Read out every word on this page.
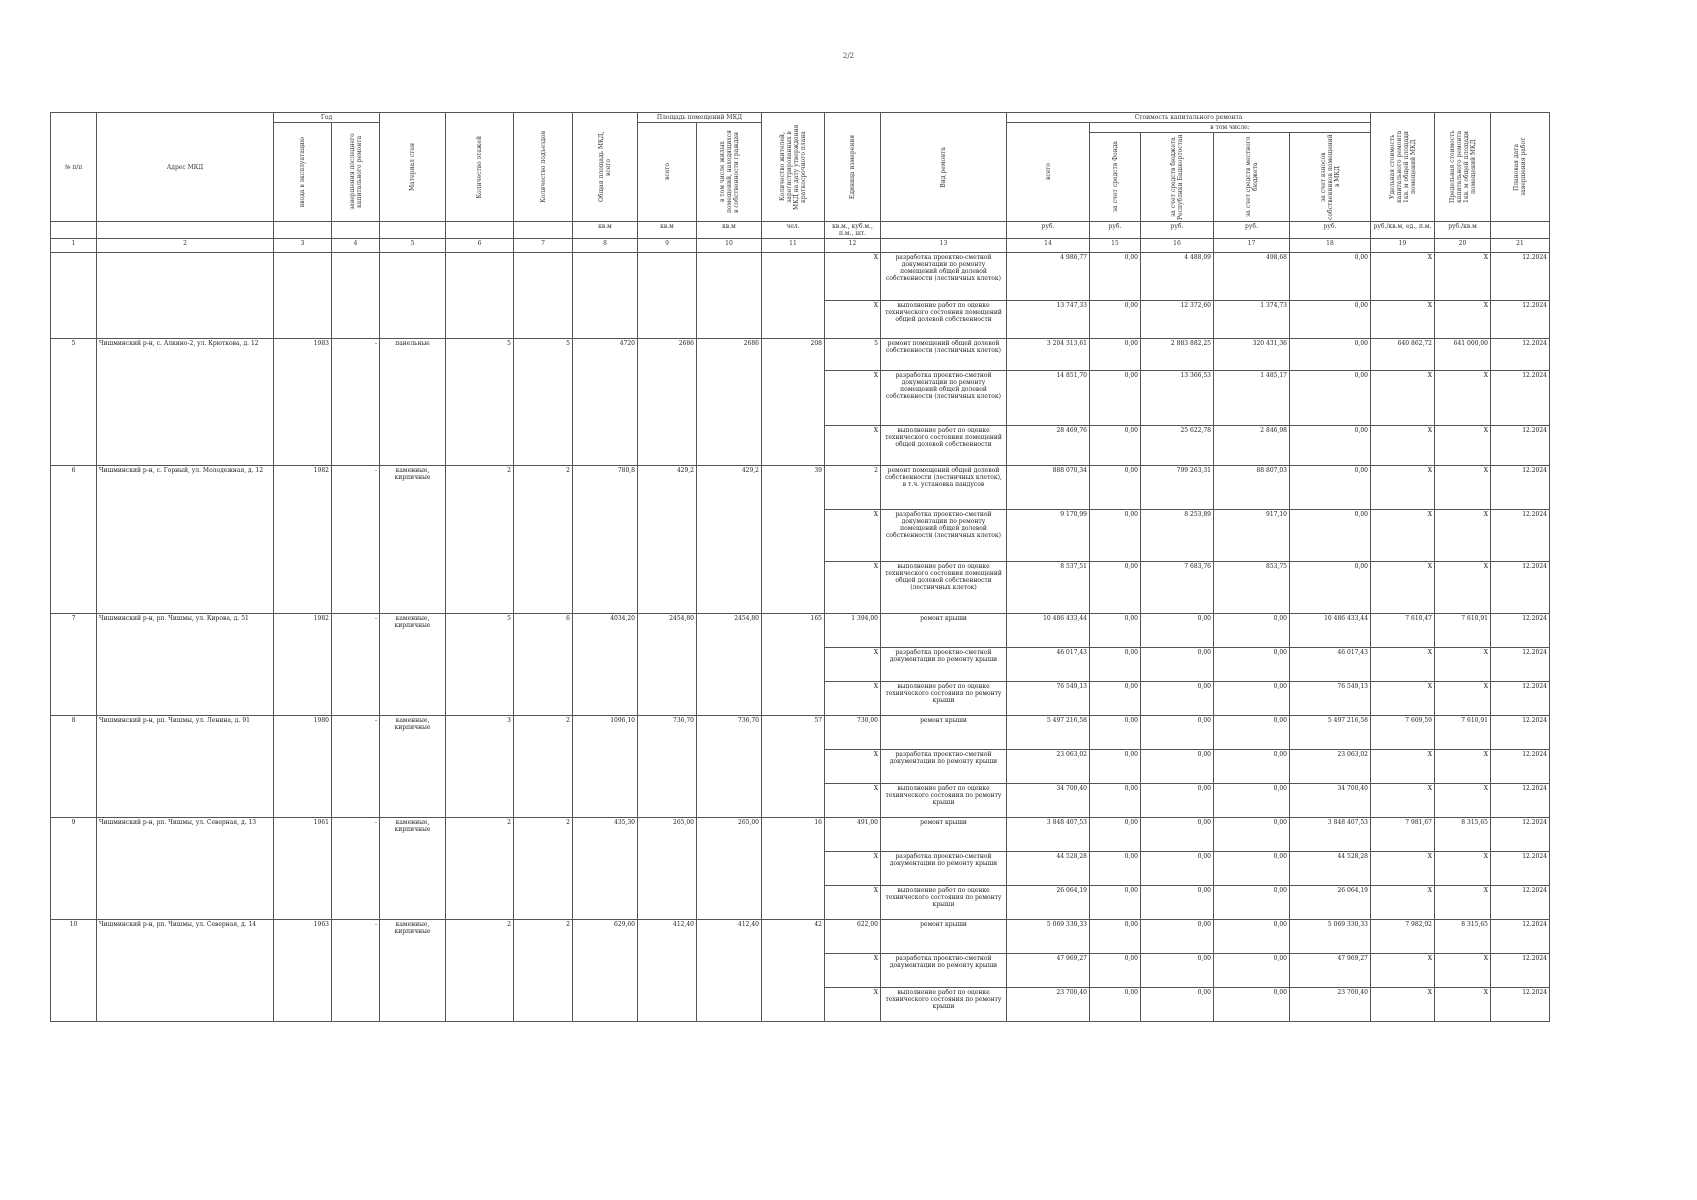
2/2
№ п/п	Адрес МКД	Год		Материал стен	Количество этажей	Количество подъездов	Общая площадь МКД, всего	Площадь помещений МКД		Количество жителей, зарегистрированных в МКД на дату утверждения краткосрочного плана	Единица измерения	Вид ремонта	Стоимость капитального ремонта					Удельная стоимость капитального ремонта 1кв. м общей площади помещений МКД	Предельная стоимость капитального ремонта 1кв. м общей площади помещений МКД	Плановая дата завершения работ

		ввода в эксплуатацию	завершения последнего капитального ремонта					всего	в том числе жилых помещений, находящихся в собственности граждан				всего	в том числе:						

														за счет средств Фонда	за счет средств бюджета Республики Башкортостан	за счет средств местного бюджета	за счет взносов собственников помещений в МКД			

							кв.м	кв.м	кв.м	чел.	кв.м., куб.м., п.м., шт.		руб.	руб.	руб.	руб.	руб.	руб./кв.м, ед., п.м.	руб./кв.м	
1	2	3	4	5	6	7	8	9	10	11	12	13	14	15	16	17	18	19	20	21
											X	разработка проектно-сметной документации по ремонту помещений общей долевой собственности (лестничных клеток)	4 986,77	0,00	4 488,09	498,68	0,00	X	X	12.2024
											X	выполнение работ по оценке технического состояния помещений общей долевой собственности	13 747,33	0,00	12 372,60	1 374,73	0,00	X	X	12.2024
5	Чишминский р-н, с. Алкино-2, ул. Крюткова, д. 12	1983	-	панельные	5	5	4720	2686	2686	208	5	ремонт помещений общей долевой собственности (лестничных клеток)	3 204 313,61	0,00	2 883 882,25	320 431,36	0,00	640 862,72	641 000,00	12.2024
											X	разработка проектно-сметной документации по ремонту помещений общей долевой собственности (лестничных клеток)	14 851,70	0,00	13 366,53	1 485,17	0,00	X	X	12.2024
											X	выполнение работ по оценке технического состояния помещений общей долевой собственности	28 469,76	0,00	25 622,78	2 846,98	0,00	X	X	12.2024
6	Чишминский р-н, с. Горный, ул. Молодежная, д. 12	1982	-	каменные, кирпичные	2	2	780,8	429,2	429,2	39	2	ремонт помещений общей долевой собственности (лестничных клеток), в т.ч. установка пандусов	888 070,34	0,00	799 263,31	88 807,03	0,00	X	X	12.2024
											X	разработка проектно-сметной документации по ремонту помещений общей долевой собственности (лестничных клеток)	9 170,99	0,00	8 253,89	917,10	0,00	X	X	12.2024
											X	выполнение работ по оценке технического состояния помещений общей долевой собственности (лестничных клеток)	8 537,51	0,00	7 683,76	853,75	0,00	X	X	12.2024
7	Чишминский р-н, рп. Чишмы, ул. Кирова, д. 51	1982	-	каменные, кирпичные	5	6	4034,20	2454,80	2454,80	165	1 394,00	ремонт крыши	10 486 433,44	0,00	0,00	0,00	10 486 433,44	7 610,47	7 610,91	12.2024
											X	разработка проектно-сметной документации по ремонту крыши	46 017,43	0,00	0,00	0,00	46 017,43	X	X	12.2024
											X	выполнение работ по оценке технического состояния по ремонту крыши	76 549,13	0,00	0,00	0,00	76 549,13	X	X	12.2024
8	Чишминский р-н, рп. Чишмы, ул. Ленина, д. 91	1980	-	каменные, кирпичные	3	2	1096,10	736,70	736,70	57	730,00	ремонт крыши	5 497 216,58	0,00	0,00	0,00	5 497 216,58	7 609,59	7 610,91	12.2024
											X	разработка проектно-сметной документации по ремонту крыши	23 063,02	0,00	0,00	0,00	23 063,02	X	X	12.2024
											X	выполнение работ по оценке технического состояния по ремонту крыши	34 700,40	0,00	0,00	0,00	34 700,40	X	X	12.2024
9	Чишминский р-н, рп. Чишмы, ул. Северная, д. 13	1961	-	каменные, кирпичные	2	2	435,30	265,00	265,00	16	491,00	ремонт крыши	3 848 407,53	0,00	0,00	0,00	3 848 407,53	7 981,67	8 315,65	12.2024
											X	разработка проектно-сметной документации по ремонту крыши	44 528,28	0,00	0,00	0,00	44 528,28	X	X	12.2024
											X	выполнение работ по оценке технического состояния по ремонту крыши	26 064,19	0,00	0,00	0,00	26 064,19	X	X	12.2024
10	Чишминский р-н, рп. Чишмы, ул. Северная, д. 14	1963	-	каменные, кирпичные	2	2	629,60	412,40	412,40	42	622,00	ремонт крыши	5 069 330,33	0,00	0,00	0,00	5 069 330,33	7 982,92	8 315,65	12.2024
											X	разработка проектно-сметной документации по ремонту крыши	47 969,27	0,00	0,00	0,00	47 969,27	X	X	12.2024
											X	выполнение работ по оценке технического состояния по ремонту крыши	23 700,40	0,00	0,00	0,00	23 700,40	X	X	12.2024
